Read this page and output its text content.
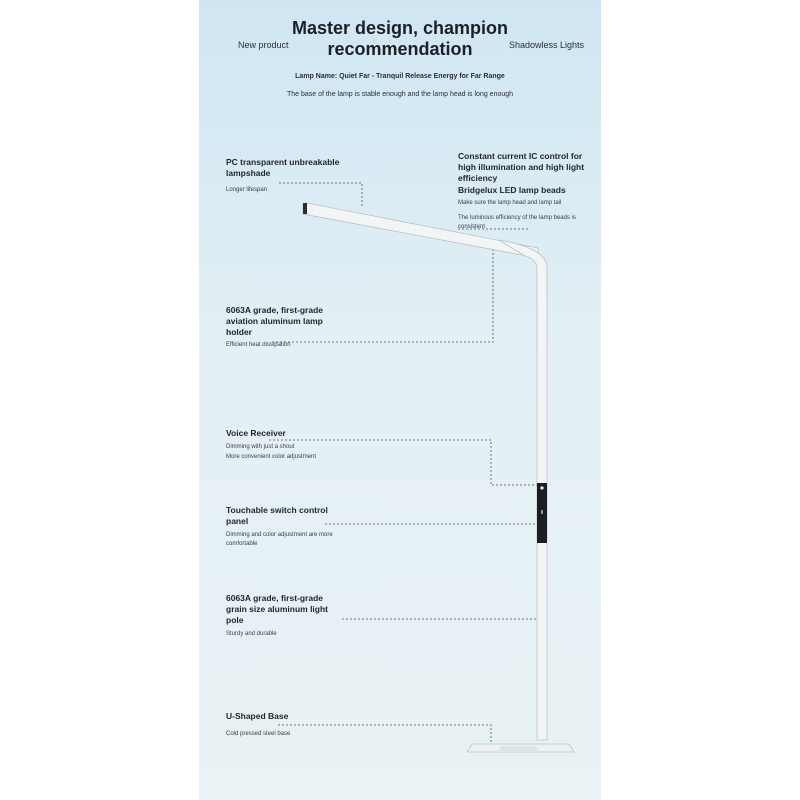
Master design, champion
recommendation
New product	Shadowless Lights
Lamp Name: Quiet Far - Tranquil Release Energy for Far Range
The base of the lamp is stable enough and the lamp head is long enough
PC transparent unbreakable lampshade
Longer lifespan
Constant current IC control for high illumination and high light efficiency
Bridgelux LED lamp beads
Make sure the lamp head and lamp tail
The luminous efficiency of the lamp beads is consistent
6063A grade, first-grade aviation aluminum lamp holder
Efficient heat dissipation
Voice Receiver
Dimming with just a shout
More convenient color adjustment
Touchable switch control panel
Dimming and color adjustment are more comfortable
6063A grade, first-grade grain size aluminum light pole
Sturdy and durable
U-Shaped Base
Cold pressed steel base
